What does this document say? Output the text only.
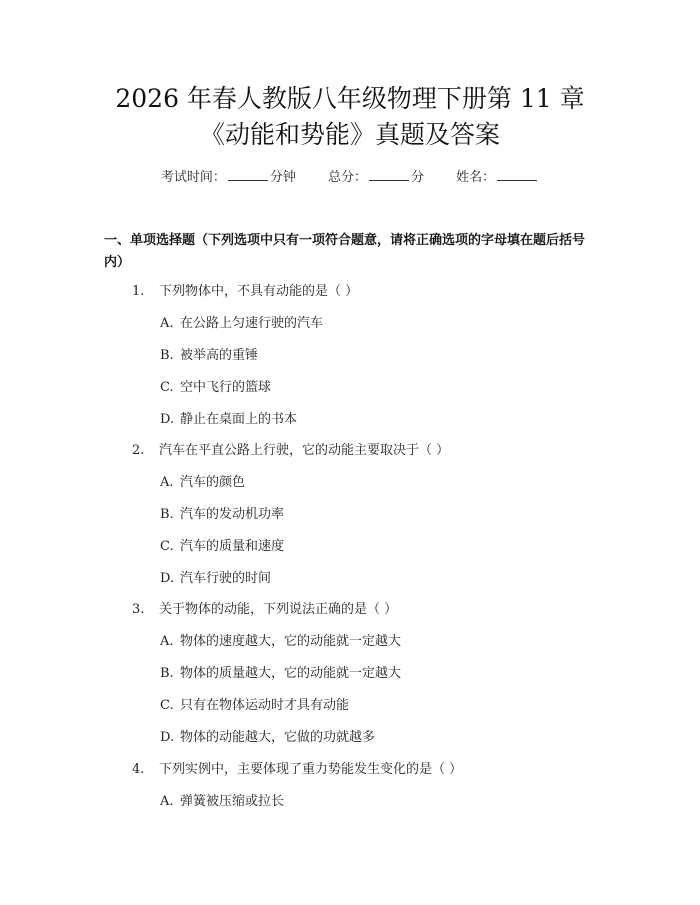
2026 年春人教版八年级物理下册第 11 章
《动能和势能》真题及答案
考试时间：	分钟 总分：	分 姓名：
一、单项选择题（下列选项中只有一项符合题意，请将正确选项的字母填在题后括号内）
1. 下列物体中，不具有动能的是（ ）
A. 在公路上匀速行驶的汽车
B. 被举高的重锤
C. 空中飞行的篮球
D. 静止在桌面上的书本
2. 汽车在平直公路上行驶，它的动能主要取决于（ ）
A. 汽车的颜色
B. 汽车的发动机功率
C. 汽车的质量和速度
D. 汽车行驶的时间
3. 关于物体的动能，下列说法正确的是（ ）
A. 物体的速度越大，它的动能就一定越大
B. 物体的质量越大，它的动能就一定越大
C. 只有在物体运动时才具有动能
D. 物体的动能越大，它做的功就越多
4. 下列实例中，主要体现了重力势能发生变化的是（ ）
A. 弹簧被压缩或拉长
